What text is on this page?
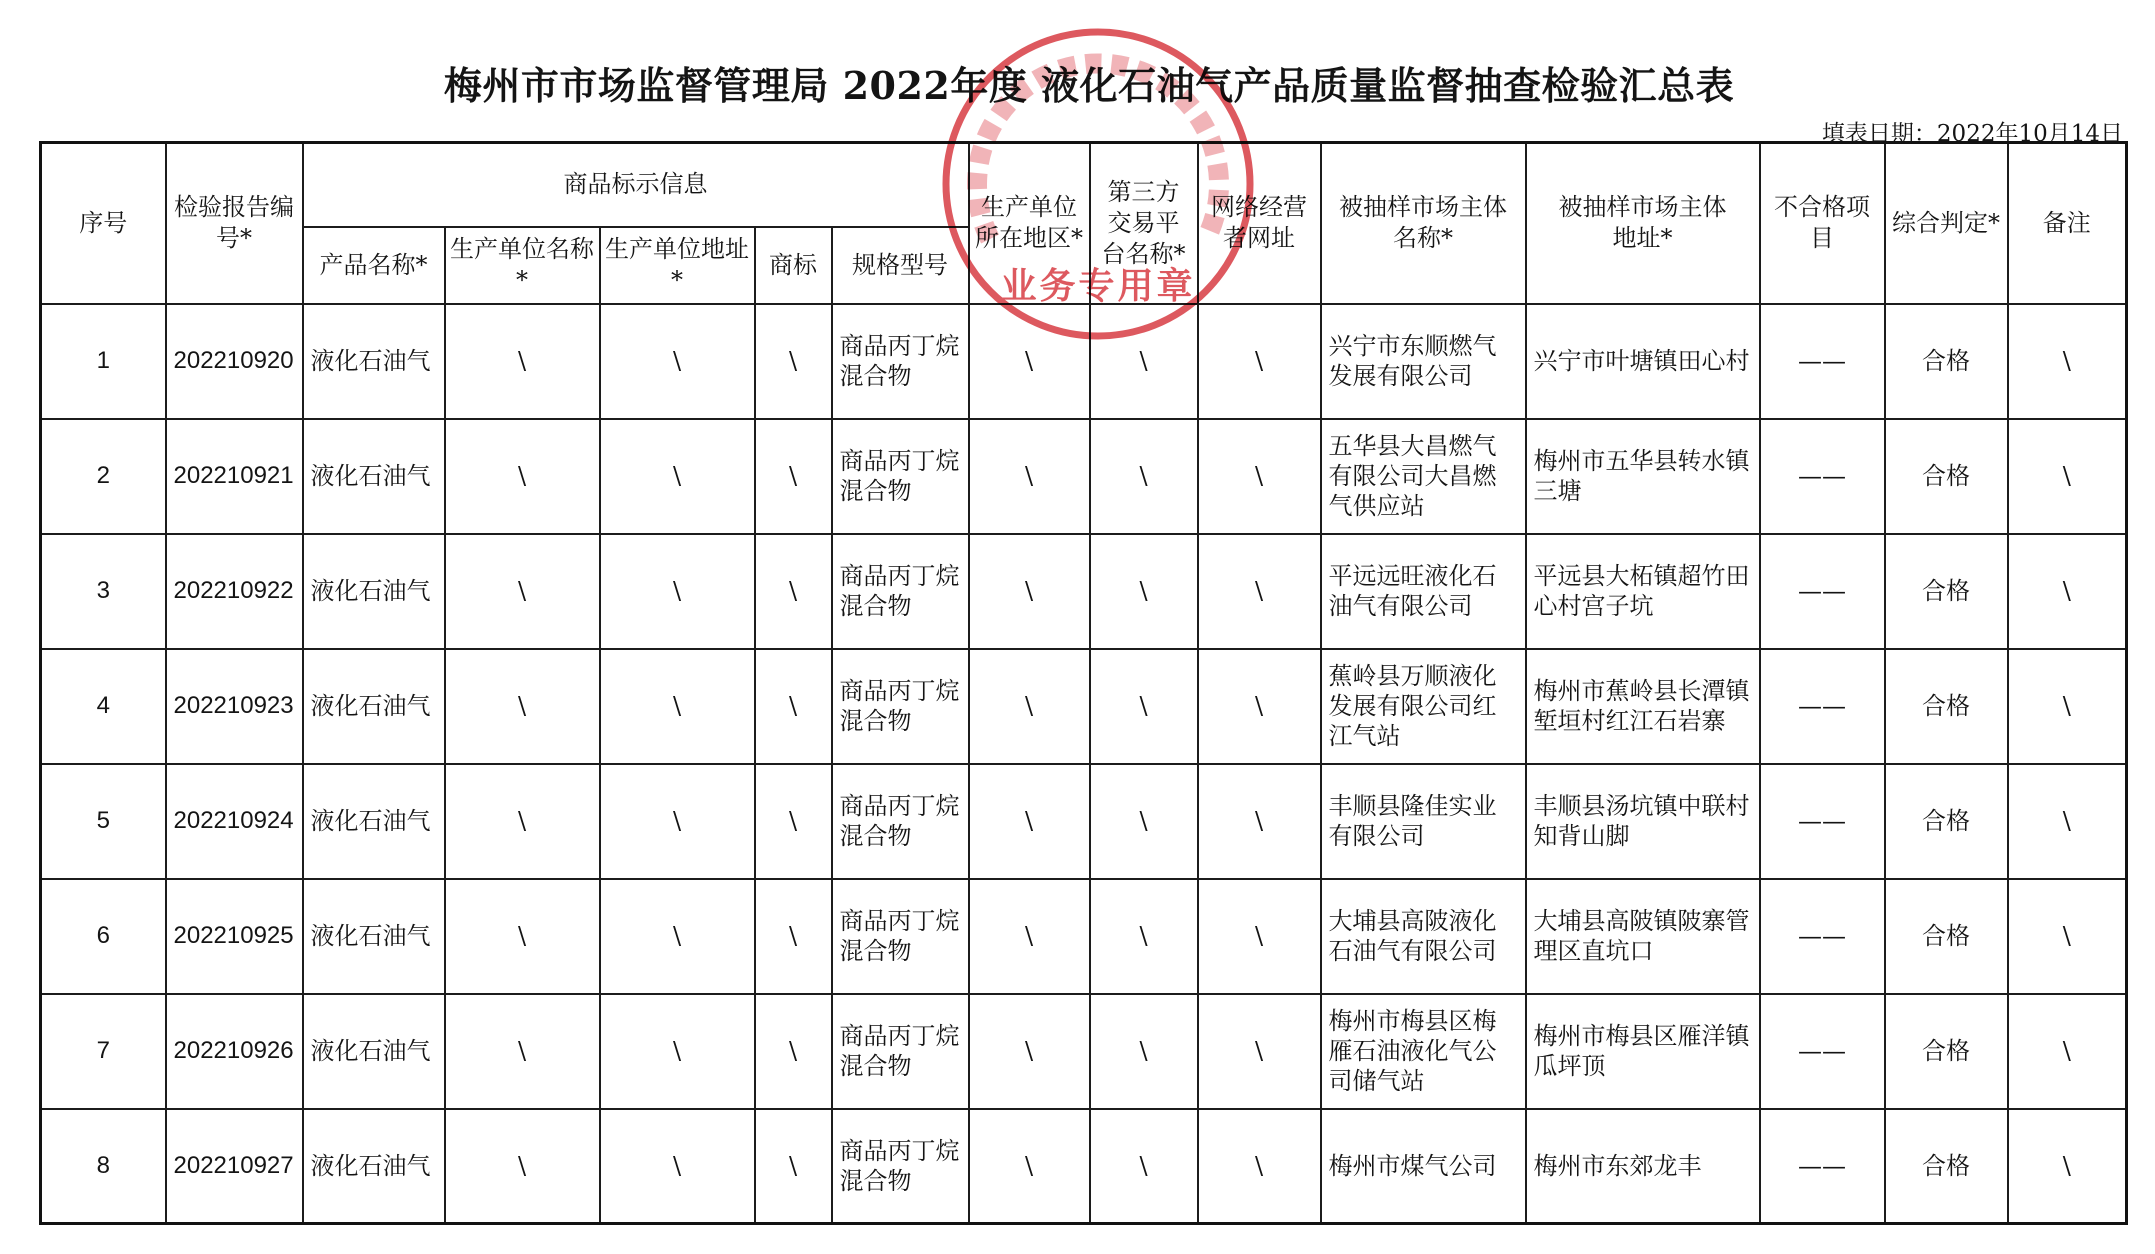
梅州市市场监督管理局 2022年度 液化石油气产品质量监督抽查检验汇总表
填表日期：2022年10月14日
序号	检验报告编号*	商品标示信息					生产单位所在地区*	第三方交易平台名称*	网络经营者网址	被抽样市场主体名称*	被抽样市场主体地址*	不合格项目	综合判定*	备注
		产品名称*	生产单位名称*	生产单位地址*	商标	规格型号								
1	202210920	液化石油气	\	\	\	商品丙丁烷混合物	\	\	\	兴宁市东顺燃气发展有限公司	兴宁市叶塘镇田心村	——	合格	\
2	202210921	液化石油气	\	\	\	商品丙丁烷混合物	\	\	\	五华县大昌燃气有限公司大昌燃气供应站	梅州市五华县转水镇三塘	——	合格	\
3	202210922	液化石油气	\	\	\	商品丙丁烷混合物	\	\	\	平远远旺液化石油气有限公司	平远县大柘镇超竹田心村宫子坑	——	合格	\
4	202210923	液化石油气	\	\	\	商品丙丁烷混合物	\	\	\	蕉岭县万顺液化发展有限公司红江气站	梅州市蕉岭县长潭镇堑垣村红江石岩寨	——	合格	\
5	202210924	液化石油气	\	\	\	商品丙丁烷混合物	\	\	\	丰顺县隆佳实业有限公司	丰顺县汤坑镇中联村知背山脚	——	合格	\
6	202210925	液化石油气	\	\	\	商品丙丁烷混合物	\	\	\	大埔县高陂液化石油气有限公司	大埔县高陂镇陂寨管理区直坑口	——	合格	\
7	202210926	液化石油气	\	\	\	商品丙丁烷混合物	\	\	\	梅州市梅县区梅雁石油液化气公司储气站	梅州市梅县区雁洋镇瓜坪顶	——	合格	\
8	202210927	液化石油气	\	\	\	商品丙丁烷混合物	\	\	\	梅州市煤气公司	梅州市东郊龙丰	——	合格	\
业务专用章
